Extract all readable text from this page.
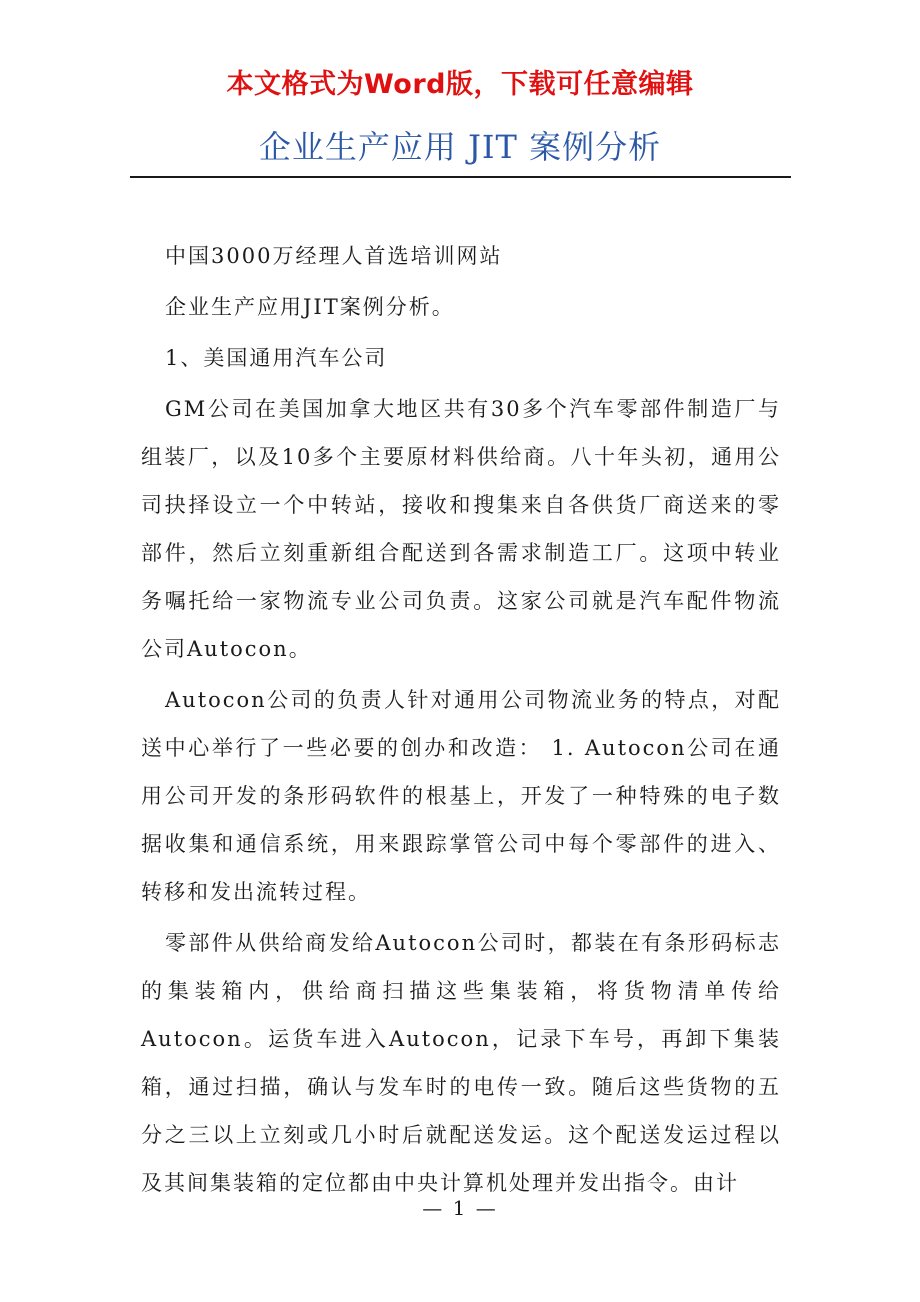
本文格式为Word版，下载可任意编辑
企业生产应用 JIT 案例分析

中国3000万经理人首选培训网站

企业生产应用JIT案例分析。

1、美国通用汽车公司

GM公司在美国加拿大地区共有30多个汽车零部件制造厂与组装厂，以及10多个主要原材料供给商。八十年头初，通用公司抉择设立一个中转站，接收和搜集来自各供货厂商送来的零部件，然后立刻重新组合配送到各需求制造工厂。这项中转业务嘱托给一家物流专业公司负责。这家公司就是汽车配件物流公司Autocon。

Autocon公司的负责人针对通用公司物流业务的特点，对配送中心举行了一些必要的创办和改造： 1. Autocon公司在通用公司开发的条形码软件的根基上，开发了一种特殊的电子数据收集和通信系统，用来跟踪掌管公司中每个零部件的进入、转移和发出流转过程。

零部件从供给商发给Autocon公司时，都装在有条形码标志的集装箱内，供给商扫描这些集装箱，将货物清单传给Autocon。运货车进入Autocon，记录下车号，再卸下集装箱，通过扫描，确认与发车时的电传一致。随后这些货物的五分之三以上立刻或几小时后就配送发运。这个配送发运过程以及其间集装箱的定位都由中央计算机处理并发出指令。由计

— 1 —
